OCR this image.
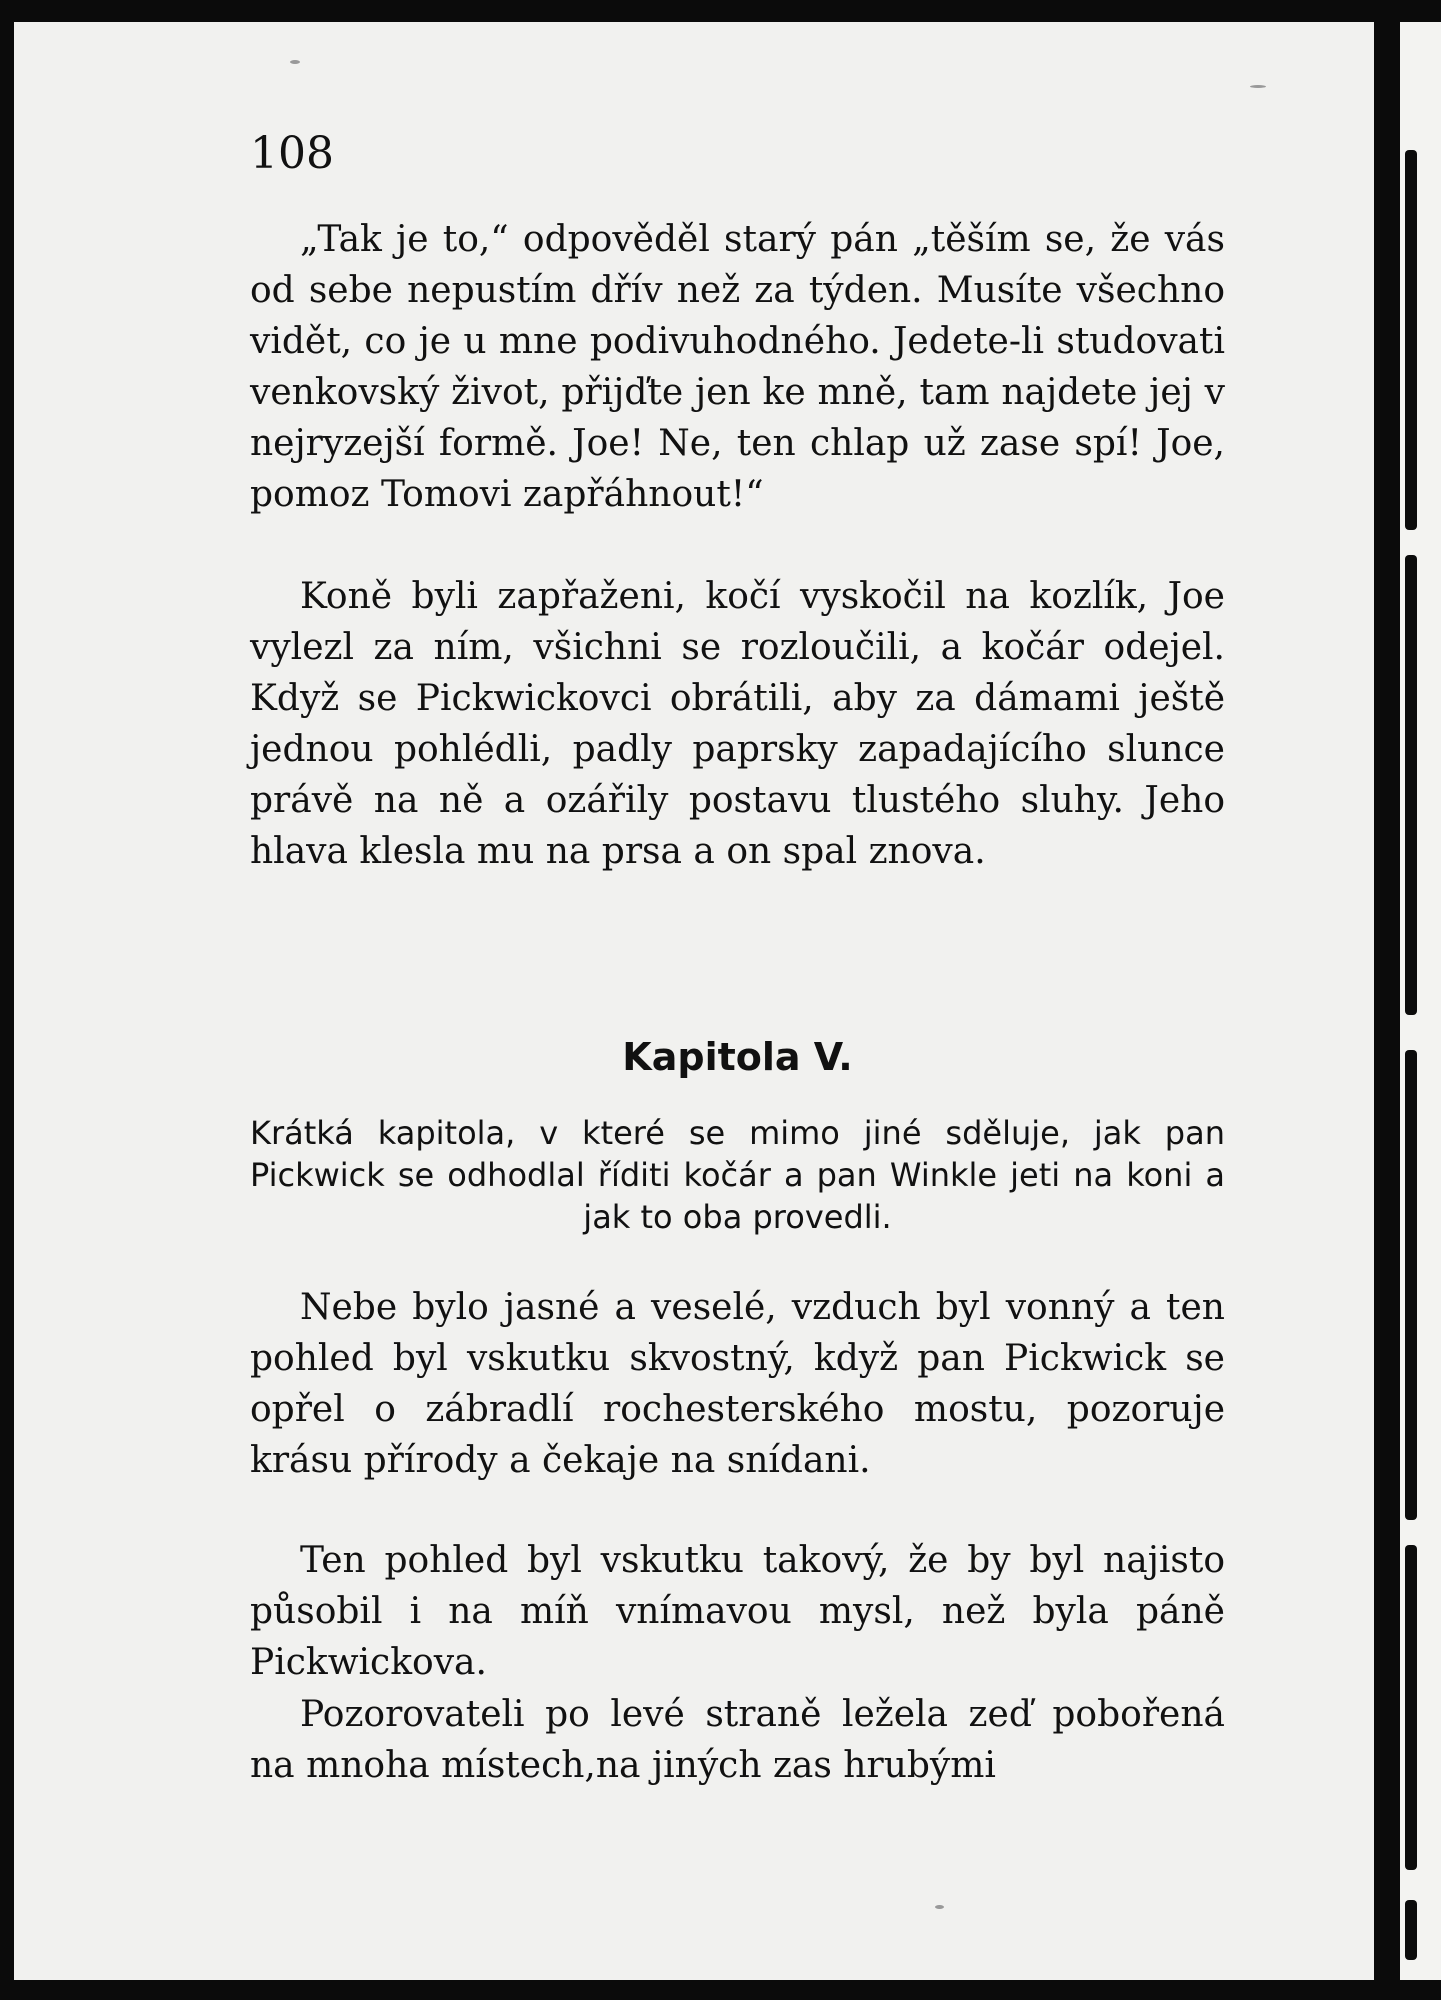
108

„Tak je to,“ odpověděl starý pán „těším se, že vás od sebe nepustím dřív než za týden. Musíte všechno vidět, co je u mne podivuhodného. Jedete-li studovati venkovský život, přijďte jen ke mně, tam najdete jej v nejryzejší formě. Joe! Ne, ten chlap už zase spí! Joe, pomoz Tomovi zapřáhnout!“

Koně byli zapřaženi, kočí vyskočil na kozlík, Joe vylezl za ním, všichni se rozloučili, a kočár odejel. Když se Pickwickovci obrátili, aby za dámami ještě jednou pohlédli, padly paprsky zapadajícího slunce právě na ně a ozářily postavu tlustého sluhy. Jeho hlava klesla mu na prsa a on spal znova.

Kapitola V.

Krátká kapitola, v které se mimo jiné sděluje, jak pan Pickwick se odhodlal říditi kočár a pan Winkle jeti na koni a jak to oba provedli.

Nebe bylo jasné a veselé, vzduch byl vonný a ten pohled byl vskutku skvostný, když pan Pickwick se opřel o zábradlí rochesterského mostu, pozoruje krásu přírody a čekaje na snídani.

Ten pohled byl vskutku takový, že by byl najisto působil i na míň vnímavou mysl, než byla páně Pickwickova.

Pozorovateli po levé straně ležela zeď pobořená na mnoha místech,na jiných zas hrubými
